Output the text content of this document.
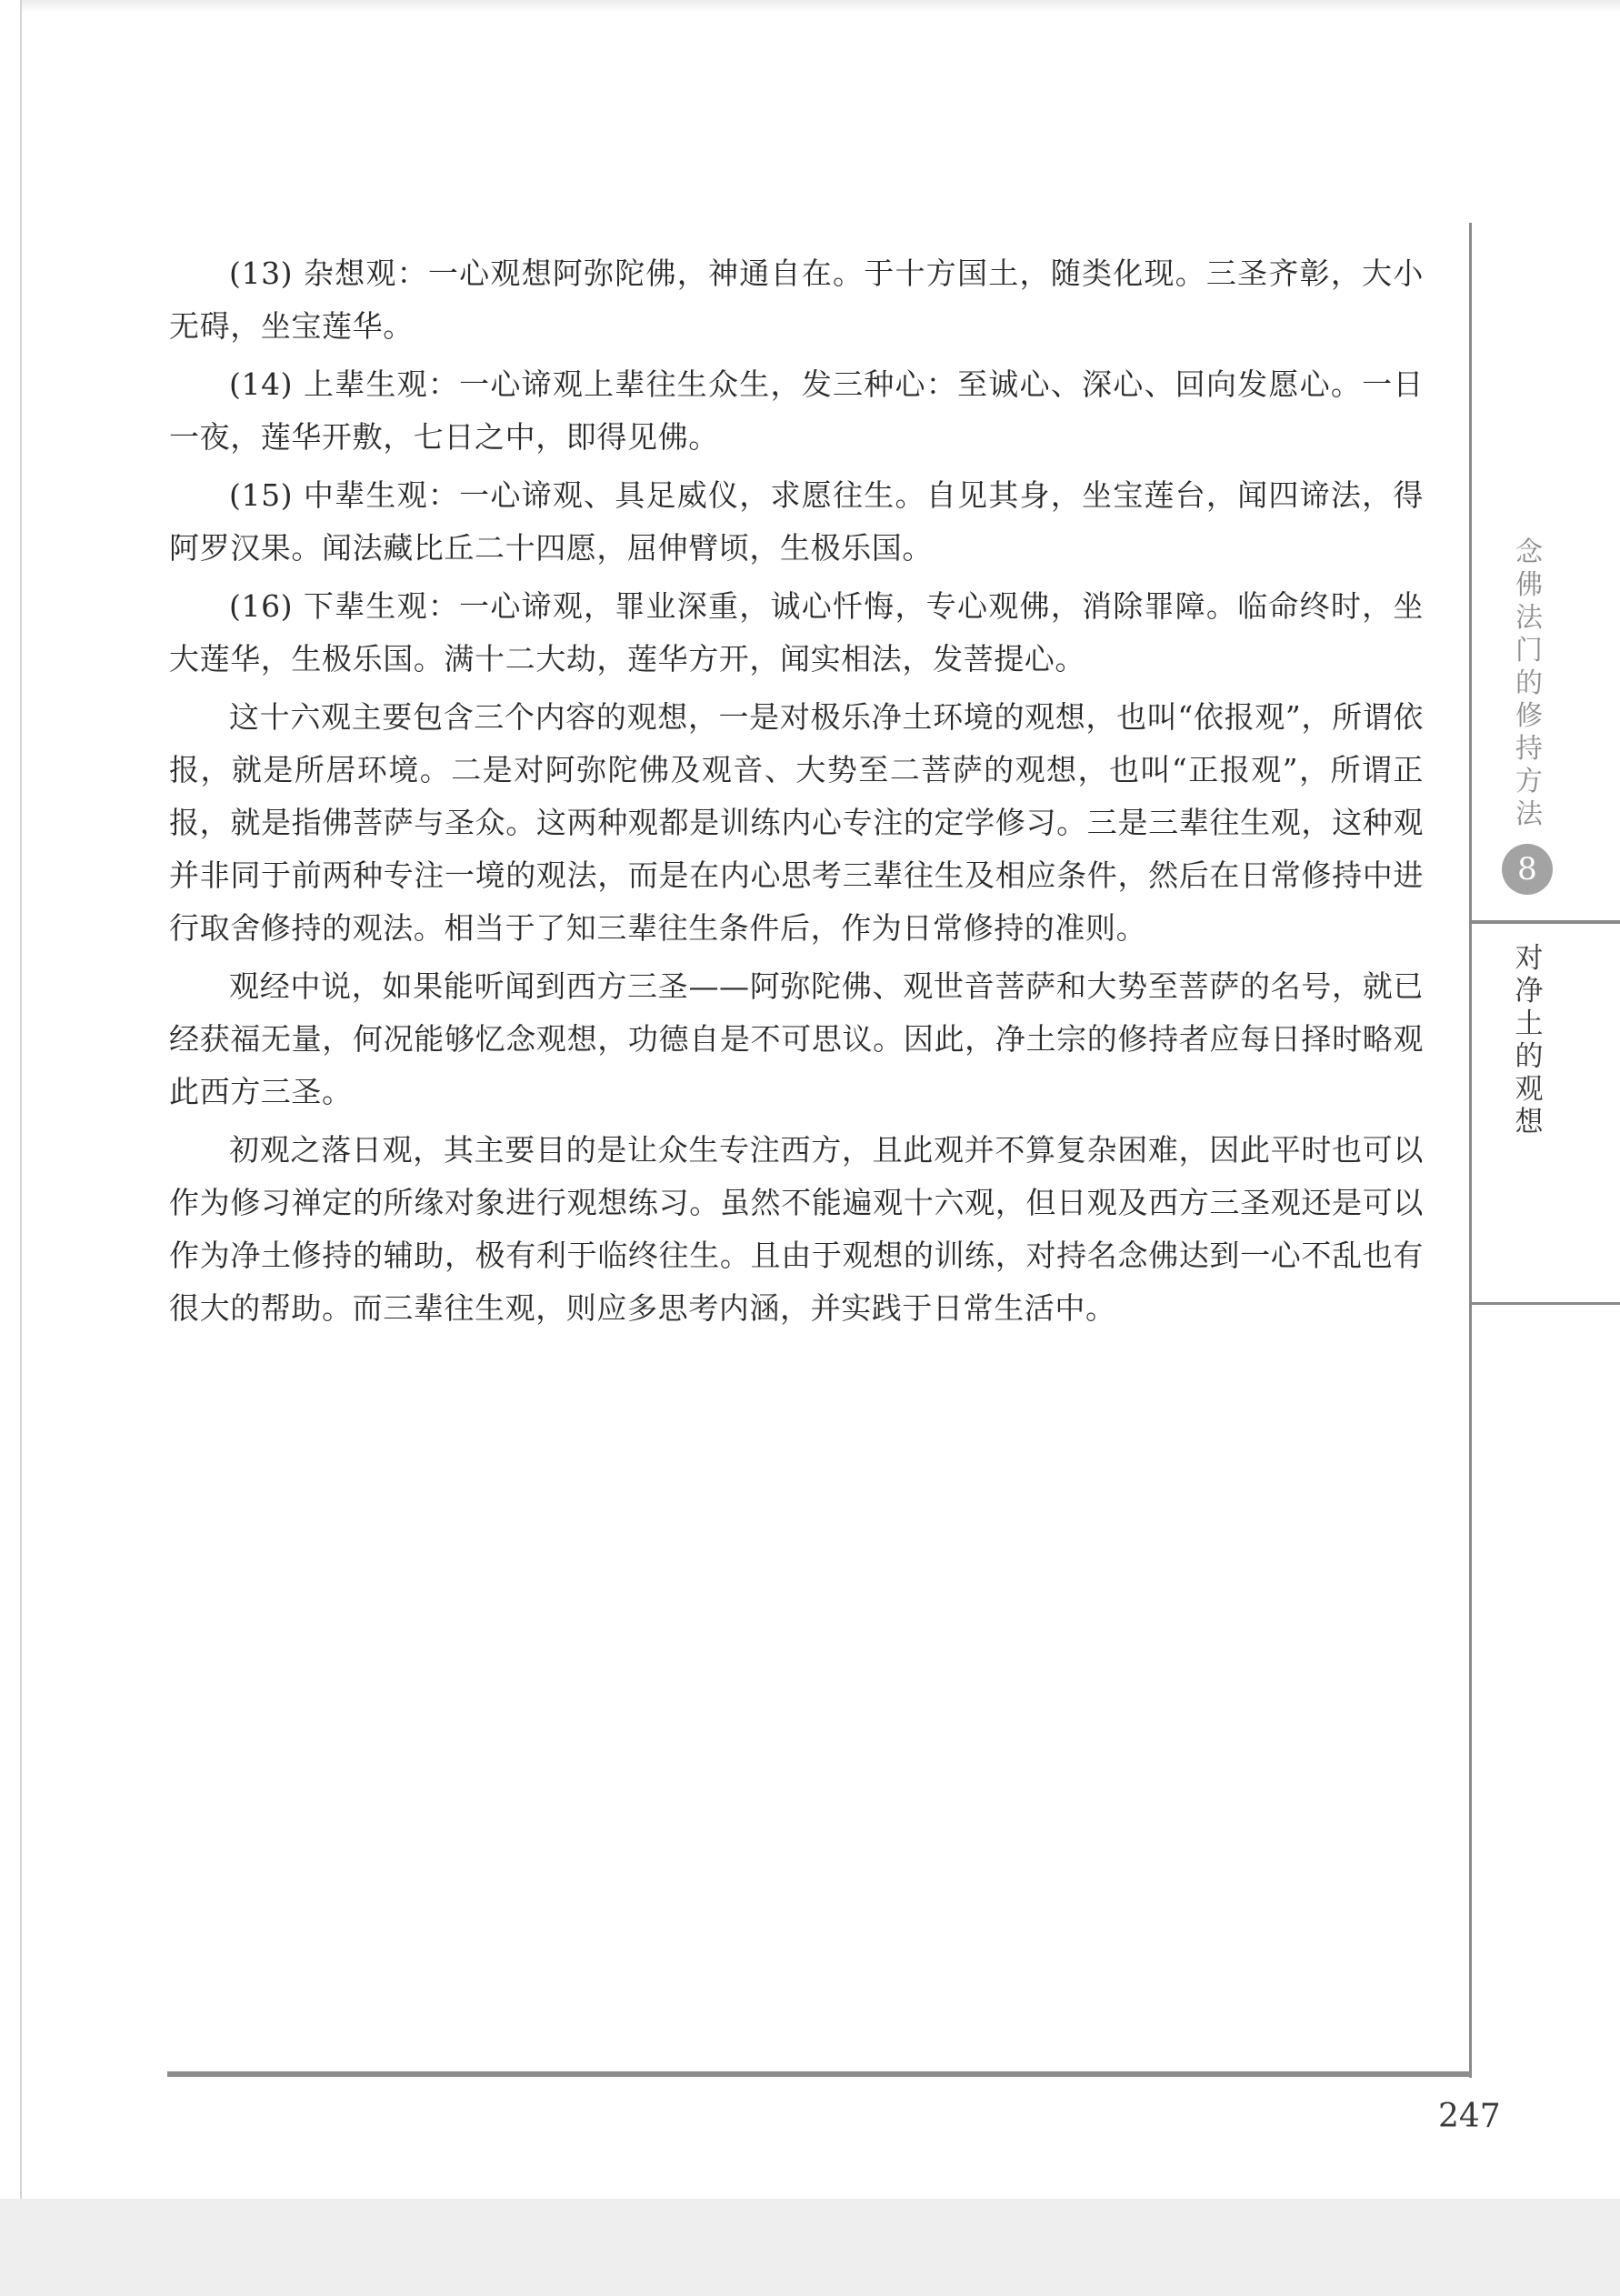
(13) 杂想观：一心观想阿弥陀佛，神通自在。于十方国土，随类化现。三圣齐彰，大小无碍，坐宝莲华。

(14) 上辈生观：一心谛观上辈往生众生，发三种心：至诚心、深心、回向发愿心。一日一夜，莲华开敷，七日之中，即得见佛。

(15) 中辈生观：一心谛观、具足威仪，求愿往生。自见其身，坐宝莲台，闻四谛法，得阿罗汉果。闻法藏比丘二十四愿，屈伸臂顷，生极乐国。

(16) 下辈生观：一心谛观，罪业深重，诚心忏悔，专心观佛，消除罪障。临命终时，坐大莲华，生极乐国。满十二大劫，莲华方开，闻实相法，发菩提心。

这十六观主要包含三个内容的观想，一是对极乐净土环境的观想，也叫“依报观”，所谓依报，就是所居环境。二是对阿弥陀佛及观音、大势至二菩萨的观想，也叫“正报观”，所谓正报，就是指佛菩萨与圣众。这两种观都是训练内心专注的定学修习。三是三辈往生观，这种观并非同于前两种专注一境的观法，而是在内心思考三辈往生及相应条件，然后在日常修持中进行取舍修持的观法。相当于了知三辈往生条件后，作为日常修持的准则。

观经中说，如果能听闻到西方三圣——阿弥陀佛、观世音菩萨和大势至菩萨的名号，就已经获福无量，何况能够忆念观想，功德自是不可思议。因此，净土宗的修持者应每日择时略观此西方三圣。

初观之落日观，其主要目的是让众生专注西方，且此观并不算复杂困难，因此平时也可以作为修习禅定的所缘对象进行观想练习。虽然不能遍观十六观，但日观及西方三圣观还是可以作为净土修持的辅助，极有利于临终往生。且由于观想的训练，对持名念佛达到一心不乱也有很大的帮助。而三辈往生观，则应多思考内涵，并实践于日常生活中。

念佛法门的修持方法
8
对净土的观想
247
